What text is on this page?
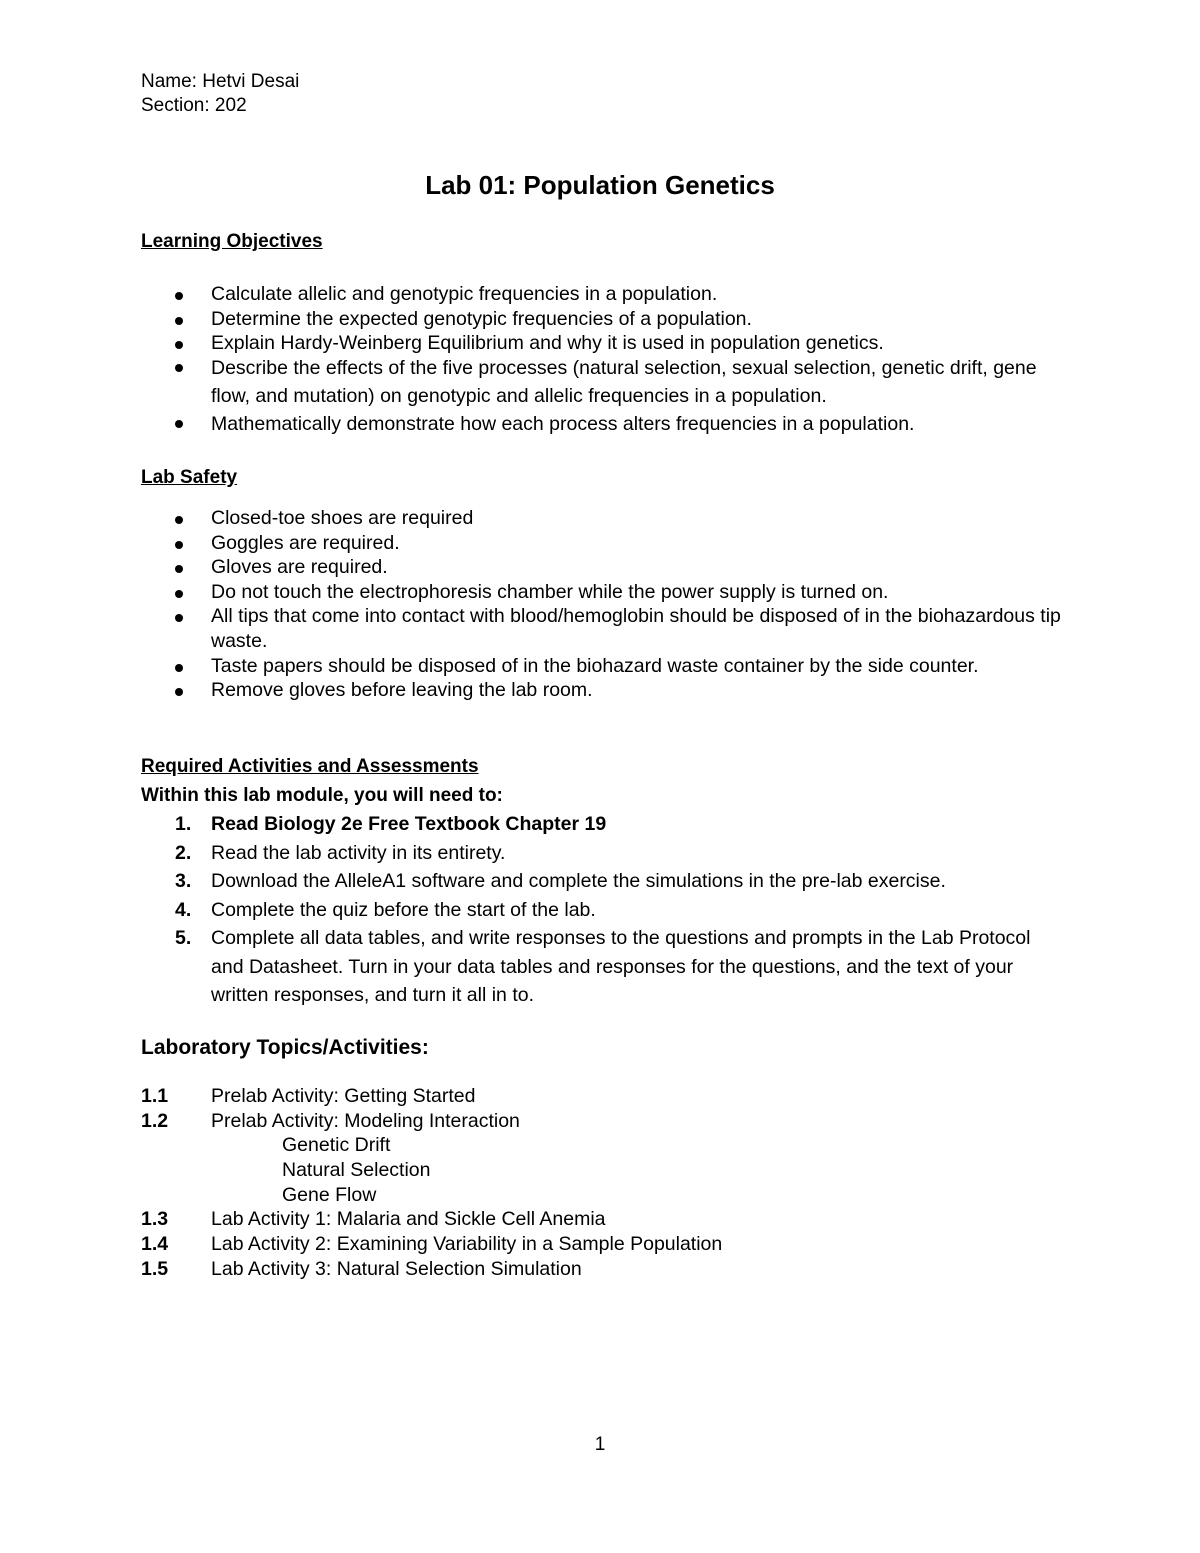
Name: Hetvi Desai
Section: 202
Lab 01: Population Genetics
Learning Objectives
Calculate allelic and genotypic frequencies in a population.
Determine the expected genotypic frequencies of a population.
Explain Hardy-Weinberg Equilibrium and why it is used in population genetics.
Describe the effects of the five processes (natural selection, sexual selection, genetic drift, gene flow, and mutation) on genotypic and allelic frequencies in a population.
Mathematically demonstrate how each process alters frequencies in a population.
Lab Safety
Closed-toe shoes are required
Goggles are required.
Gloves are required.
Do not touch the electrophoresis chamber while the power supply is turned on.
All tips that come into contact with blood/hemoglobin should be disposed of in the biohazardous tip waste.
Taste papers should be disposed of in the biohazard waste container by the side counter.
Remove gloves before leaving the lab room.
Required Activities and Assessments
Within this lab module, you will need to:
1. Read Biology 2e Free Textbook Chapter 19
2. Read the lab activity in its entirety.
3. Download the AlleleA1 software and complete the simulations in the pre-lab exercise.
4. Complete the quiz before the start of the lab.
5. Complete all data tables, and write responses to the questions and prompts in the Lab Protocol and Datasheet. Turn in your data tables and responses for the questions, and the text of your written responses, and turn it all in to.
Laboratory Topics/Activities:
1.1 Prelab Activity: Getting Started
1.2 Prelab Activity: Modeling Interaction
Genetic Drift
Natural Selection
Gene Flow
1.3 Lab Activity 1: Malaria and Sickle Cell Anemia
1.4 Lab Activity 2: Examining Variability in a Sample Population
1.5 Lab Activity 3: Natural Selection Simulation
1
